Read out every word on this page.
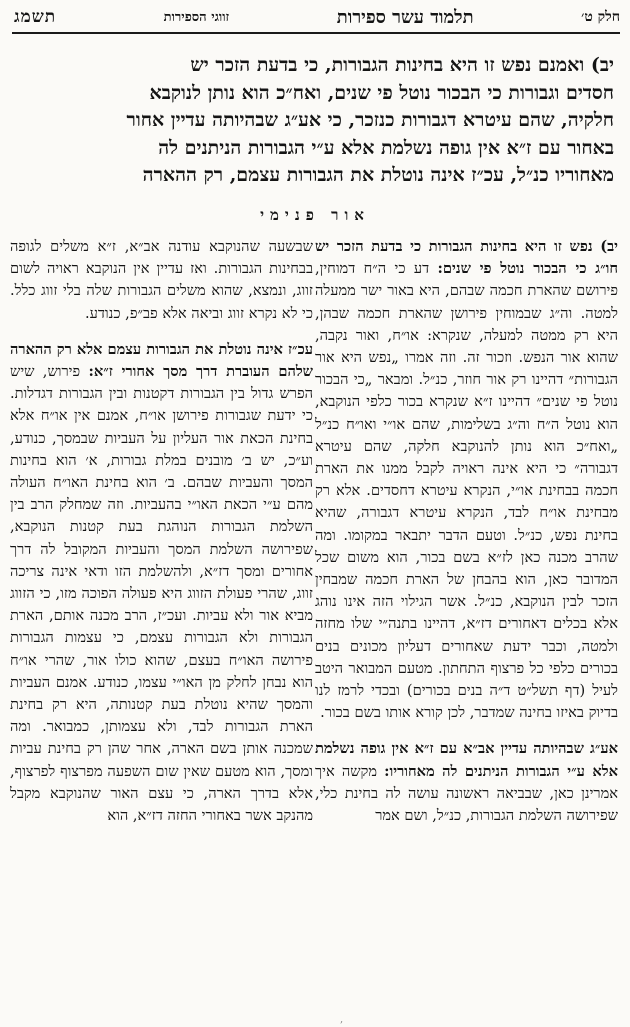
חלק ט׳
תלמוד עשר ספירות
זווגי הספירות
תשמג
יב) ואמנם נפש זו היא בחינות הגבורות, כי בדעת הזכר יש
חסדים וגבורות כי הבכור נוטל פי שנים, ואח״כ הוא נותן לנוקבא
חלקיה, שהם עיטרא דגבורות כנזכר, כי אע״ג שבהיותה עדיין אחור
באחור עם ז״א אין גופה נשלמת אלא ע״י הגבורות הניתנים לה
מאחוריו כנ״ל, עכ״ז אינה נוטלת את הגבורות עצמם, רק ההארה
אור פנימי

יב) נפש זו היא בחינות הגבורות כי בדעת הזכר יש חו״ג כי הבכור נוטל פי שנים: דע כי ה״ח דמוחין, פירושם שהארת חכמה שבהם, היא באור ישר ממעלה למטה. וה״ג שבמוחין פירושן שהארת חכמה שבהן, היא רק ממטה למעלה, שנקרא: או״ח, ואור נקבה, שהוא אור הנפש. וזכור זה. וזה אמרו „נפש היא אור הגבורות״ דהיינו רק אור חוזר, כנ״ל. ומבאר „כי הבכור נוטל פי שנים״ דהיינו ז״א שנקרא בכור כלפי הנוקבא, הוא נוטל ה״ח וה״ג בשלימות, שהם או״י ואו״ח כנ״ל „ואח״כ הוא נותן להנוקבא חלקה, שהם עיטרא דגבורה״ כי היא אינה ראויה לקבל ממנו את הארת חכמה בבחינת או״י, הנקרא עיטרא דחסדים. אלא רק מבחינת או״ח לבד, הנקרא עיטרא דגבורה, שהיא בחינת נפש, כנ״ל. וטעם הדבר יתבאר במקומו. ומה שהרב מכנה כאן לז״א בשם בכור, הוא משום שכל המדובר כאן, הוא בהבחן של הארת חכמה שמבחין הזכר לבין הנוקבא, כנ״ל. אשר הגילוי הזה אינו נוהג אלא בכלים דאחורים דז״א, דהיינו בתנה״י שלו מחזה ולמטה, וכבר ידעת שאחורים דעליון מכונים בנים בכורים כלפי כל פרצוף התחתון. מטעם המבואר היטב לעיל (דף תשל״ט ד״ה בנים בכורים) ובכדי לרמז לנו בדיוק באיזו בחינה שמדבר, לכן קורא אותו בשם בכור.

אע״ג שבהיותה עדיין אב״א עם ז״א אין גופה נשלמת אלא ע״י הגבורות הניתנים לה מאחוריו: מקשה איך אמרינן כאן, שבביאה ראשונה עושה לה בחינת כלי, שפירושה השלמת הגבורות, כנ״ל, ושם אמר

שבשעה שהנוקבא עודנה אב״א, ז״א משלים לגופה בבחינות הגבורות. ואז עדיין אין הנוקבא ראויה לשום זווג, ונמצא, שהוא משלים הגבורות שלה בלי זווג כלל. כי לא נקרא זווג וביאה אלא פב״פ, כנודע.

עכ״ז אינה נוטלת את הגבורות עצמם אלא רק ההארה שלהם העוברת דרך מסך אחורי ז״א: פירוש, שיש הפרש גדול בין הגבורות דקטנות ובין הגבורות דגדלות. כי ידעת שגבורות פירושן או״ח, אמנם אין או״ח אלא בחינת הכאת אור העליון על העביות שבמסך, כנודע, וע״כ, יש ב׳ מובנים במלת גבורות, א׳ הוא בחינות המסך והעביות שבהם. ב׳ הוא בחינת האו״ח העולה מהם ע״י הכאת האו״י בהעביות. וזה שמחלק הרב בין השלמת הגבורות הנוהגת בעת קטנות הנוקבא, שפירושה השלמת המסך והעביות המקובל לה דרך אחורים ומסך דז״א, ולהשלמת הזו ודאי אינה צריכה זווג, שהרי פעולת הזווג היא פעולה הפוכה מזו, כי הזווג מביא אור ולא עביות. ועכ״ז, הרב מכנה אותם, הארת הגבורות ולא הגבורות עצמם, כי עצמות הגבורות פירושה האו״ח בעצם, שהוא כולו אור, שהרי או״ח הוא נבחן לחלק מן האו״י עצמו, כנודע. אמנם העביות והמסך שהיא נוטלת בעת קטנותה, היא רק בחינת הארת הגבורות לבד, ולא עצמותן, כמבואר. ומה שמכנה אותן בשם הארה, אחר שהן רק בחינת עביות ומסך, הוא מטעם שאין שום השפעה מפרצוף לפרצוף, אלא בדרך הארה, כי עצם האור שהנוקבא מקבל מהנקב אשר באחורי החזה דז״א, הוא

,
